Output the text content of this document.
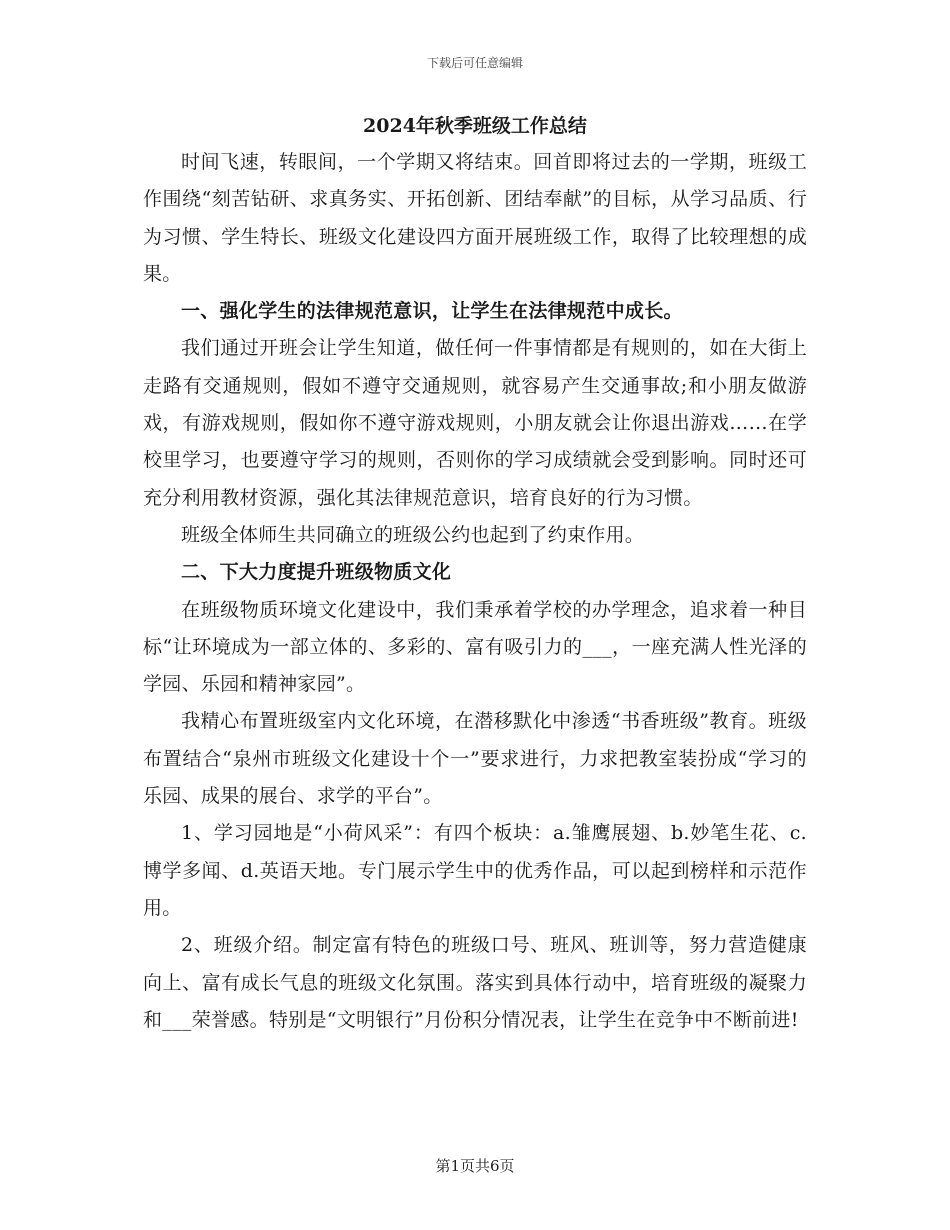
下载后可任意编辑
2024年秋季班级工作总结

时间飞速，转眼间，一个学期又将结束。回首即将过去的一学期，班级工作围绕“刻苦钻研、求真务实、开拓创新、团结奉献”的目标，从学习品质、行为习惯、学生特长、班级文化建设四方面开展班级工作，取得了比较理想的成果。

一、强化学生的法律规范意识，让学生在法律规范中成长。

我们通过开班会让学生知道，做任何一件事情都是有规则的，如在大街上走路有交通规则，假如不遵守交通规则，就容易产生交通事故;和小朋友做游戏，有游戏规则，假如你不遵守游戏规则，小朋友就会让你退出游戏……在学校里学习，也要遵守学习的规则，否则你的学习成绩就会受到影响。同时还可充分利用教材资源，强化其法律规范意识，培育良好的行为习惯。

班级全体师生共同确立的班级公约也起到了约束作用。

二、下大力度提升班级物质文化

在班级物质环境文化建设中，我们秉承着学校的办学理念，追求着一种目标“让环境成为一部立体的、多彩的、富有吸引力的___，一座充满人性光泽的学园、乐园和精神家园”。

我精心布置班级室内文化环境，在潜移默化中渗透“书香班级”教育。班级布置结合“泉州市班级文化建设十个一”要求进行，力求把教室装扮成“学习的乐园、成果的展台、求学的平台”。

1、学习园地是“小荷风采”：有四个板块：a.雏鹰展翅、b.妙笔生花、c.博学多闻、d.英语天地。专门展示学生中的优秀作品，可以起到榜样和示范作用。

2、班级介绍。制定富有特色的班级口号、班风、班训等，努力营造健康向上、富有成长气息的班级文化氛围。落实到具体行动中，培育班级的凝聚力和___荣誉感。特别是“文明银行”月份积分情况表，让学生在竞争中不断前进!

第1页共6页
